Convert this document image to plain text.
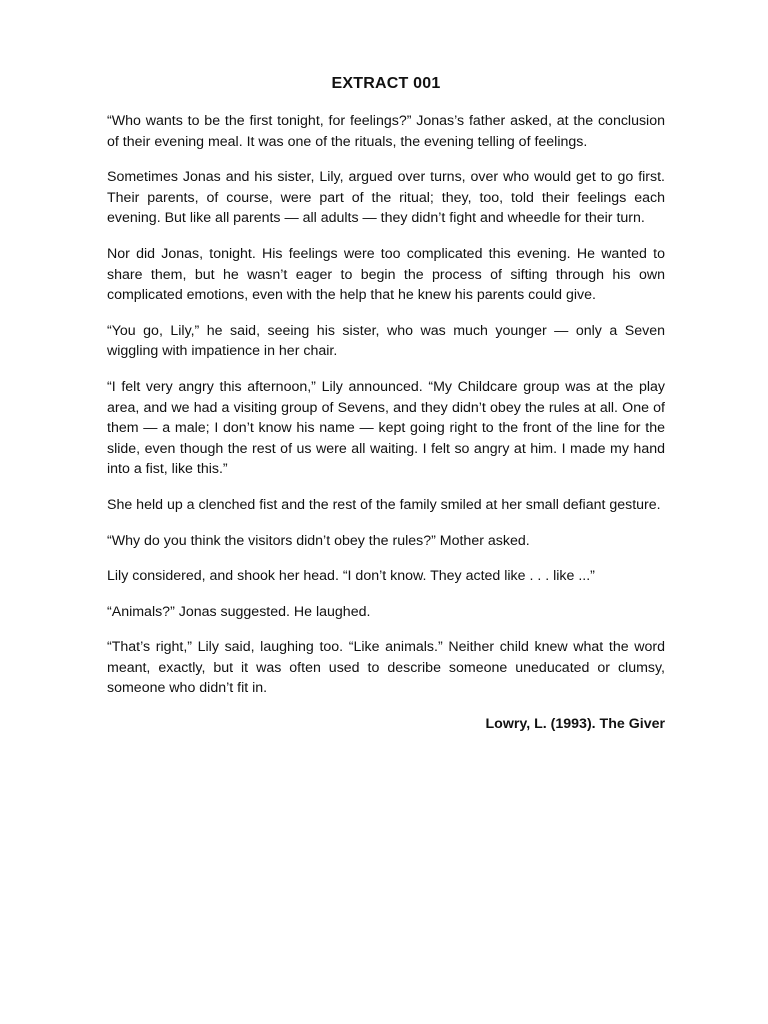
EXTRACT 001

“Who wants to be the first tonight, for feelings?” Jonas’s father asked, at the conclusion of their evening meal. It was one of the rituals, the evening telling of feelings.

Sometimes Jonas and his sister, Lily, argued over turns, over who would get to go first. Their parents, of course, were part of the ritual; they, too, told their feelings each evening. But like all parents — all adults — they didn’t fight and wheedle for their turn.

Nor did Jonas, tonight. His feelings were too complicated this evening. He wanted to share them, but he wasn’t eager to begin the process of sifting through his own complicated emotions, even with the help that he knew his parents could give.

“You go, Lily,” he said, seeing his sister, who was much younger — only a Seven wiggling with impatience in her chair.

“I felt very angry this afternoon,” Lily announced. “My Childcare group was at the play area, and we had a visiting group of Sevens, and they didn’t obey the rules at all. One of them — a male; I don’t know his name — kept going right to the front of the line for the slide, even though the rest of us were all waiting. I felt so angry at him. I made my hand into a fist, like this.”

She held up a clenched fist and the rest of the family smiled at her small defiant gesture.

“Why do you think the visitors didn’t obey the rules?” Mother asked.

Lily considered, and shook her head. “I don’t know. They acted like . . . like ...”

“Animals?” Jonas suggested. He laughed.

“That’s right,” Lily said, laughing too. “Like animals.” Neither child knew what the word meant, exactly, but it was often used to describe someone uneducated or clumsy, someone who didn’t fit in.

Lowry, L. (1993). The Giver
